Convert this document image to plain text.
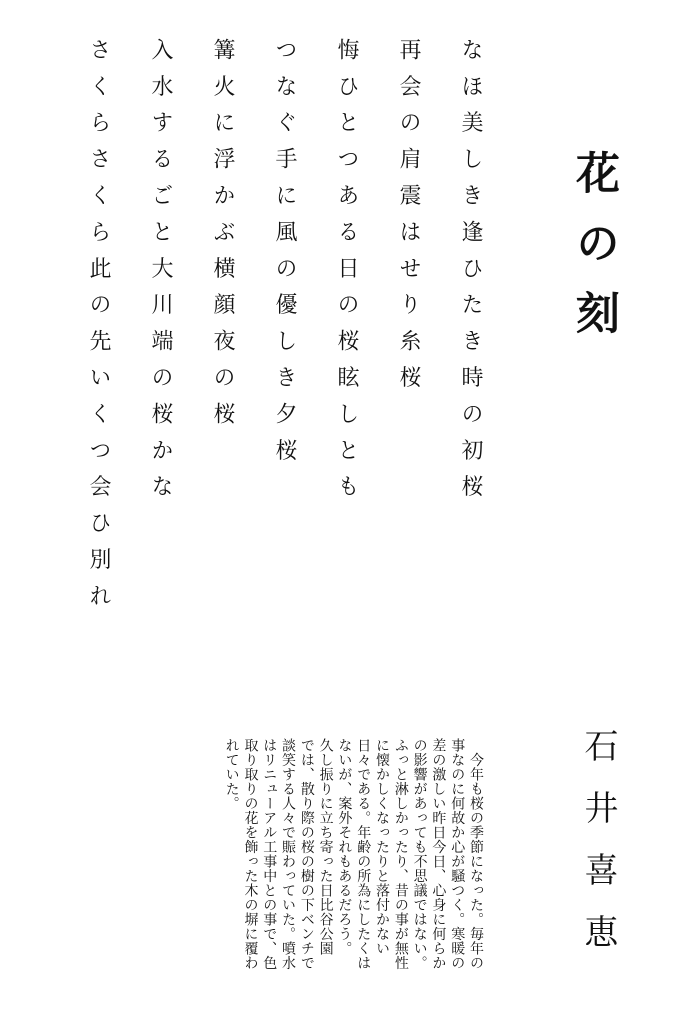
花の刻
なほ美しき逢ひたき時の初桜
再会の肩震はせり糸桜
悔ひとつある日の桜眩しとも
つなぐ手に風の優しき夕桜
篝火に浮かぶ横顔夜の桜
入水するごと大川端の桜かな
さくらさくら此の先いくつ会ひ別れ
石井喜恵
　今年も桜の季節になった。毎年の
事なのに何故か心が騒つく。寒暖の
差の激しい昨日今日、心身に何らか
の影響があっても不思議ではない。
ふっと淋しかったり、昔の事が無性
に懐かしくなったりと落付かない
日々である。年齢の所為にしたくは
ないが、案外それもあるだろう。
久し振りに立ち寄った日比谷公園
では、散り際の桜の樹の下ベンチで
談笑する人々で賑わっていた。噴水
はリニューアル工事中との事で、色
取り取りの花を飾った木の塀に覆わ
れていた。
